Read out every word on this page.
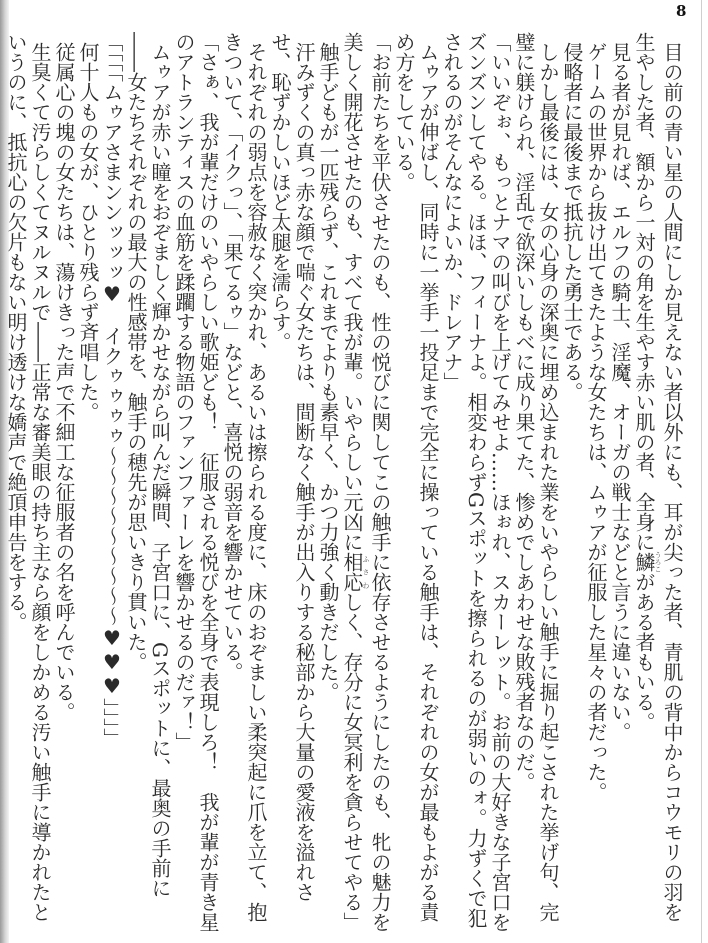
8

目の前の青い星の人間にしか見えない者以外にも、耳が尖った者、青肌の背中からコウモリの羽を生やした者、額から一対の角を生やす赤い肌の者、全身に鱗うろこがある者もいる。

見る者が見れば、エルフの騎士、淫魔、オーガの戦士などと言うに違いない。

ゲームの世界から抜け出てきたような女たちは、ムゥアが征服した星々の者だった。

侵略者に最後まで抵抗した勇士である。

しかし最後には、女の心身の深奥に埋め込まれた業をいやらしい触手に掘り起こされた挙げ句、完璧に躾けられ、淫乱で欲深いしもべに成り果てた、惨めでしあわせな敗残者なのだ。

「いいぞぉ、もっとナマの叫びを上げてみせよ……ほぉれ、スカーレット。お前の大好きな子宮口をズンズンしてやる。ほほ、フィーナよ。相変わらずGスポットを擦られるのが弱いのォ。力ずくで犯されるのがそんなによいか、ドレアナ」

ムゥアが伸ばし、同時に一挙手一投足まで完全に操っている触手は、それぞれの女が最もよがる責め方をしている。

「お前たちを平伏させたのも、性の悦びに関してこの触手に依存させるようにしたのも、牝の魅力を美しく開花させたのも、すべて我が輩。いやらしい元凶に相応ふさわしく、存分に女冥利を貪らせてやる」

触手どもが一匹残らず、これまでよりも素早く、かつ力強く動きだした。

汗みずくの真っ赤な顔で喘ぐ女たちは、間断なく触手が出入りする秘部から大量の愛液を溢れさせ、恥ずかしいほど太腿を濡らす。

それぞれの弱点を容赦なく突かれ、あるいは擦られる度に、床のおぞましい柔突起に爪を立て、抱きついて、「イクっ」、「果てるゥ」などと、喜悦の弱音を響かせている。

「さぁ、我が輩だけのいやらしい歌姫ども！　征服される悦びを全身で表現しろ！　我が輩が青き星のアトランティスの血筋を蹂躙する物語のファンファーレを響かせるのだァ！」

ムゥアが赤い瞳をおぞましく輝かせながら叫んだ瞬間、子宮口に、Gスポットに、最奥の手前に――女たちそれぞれの最大の性感帯を、触手の穂先が思いきり貫いた。

「「「「ムゥアさまンンッッッ♥　イクゥゥゥゥ～～～～～～～～～♥♥♥」」」」

何十人もの女が、ひとり残らず斉唱した。

従属心の塊の女たちは、蕩けきった声で不細工な征服者の名を呼んでいる。

生臭くて汚らしくてヌルヌルで――正常な審美眼の持ち主なら顔をしかめる汚い触手に導かれたというのに、抵抗心の欠片もない明け透けな嬌声で絶頂申告をする。
